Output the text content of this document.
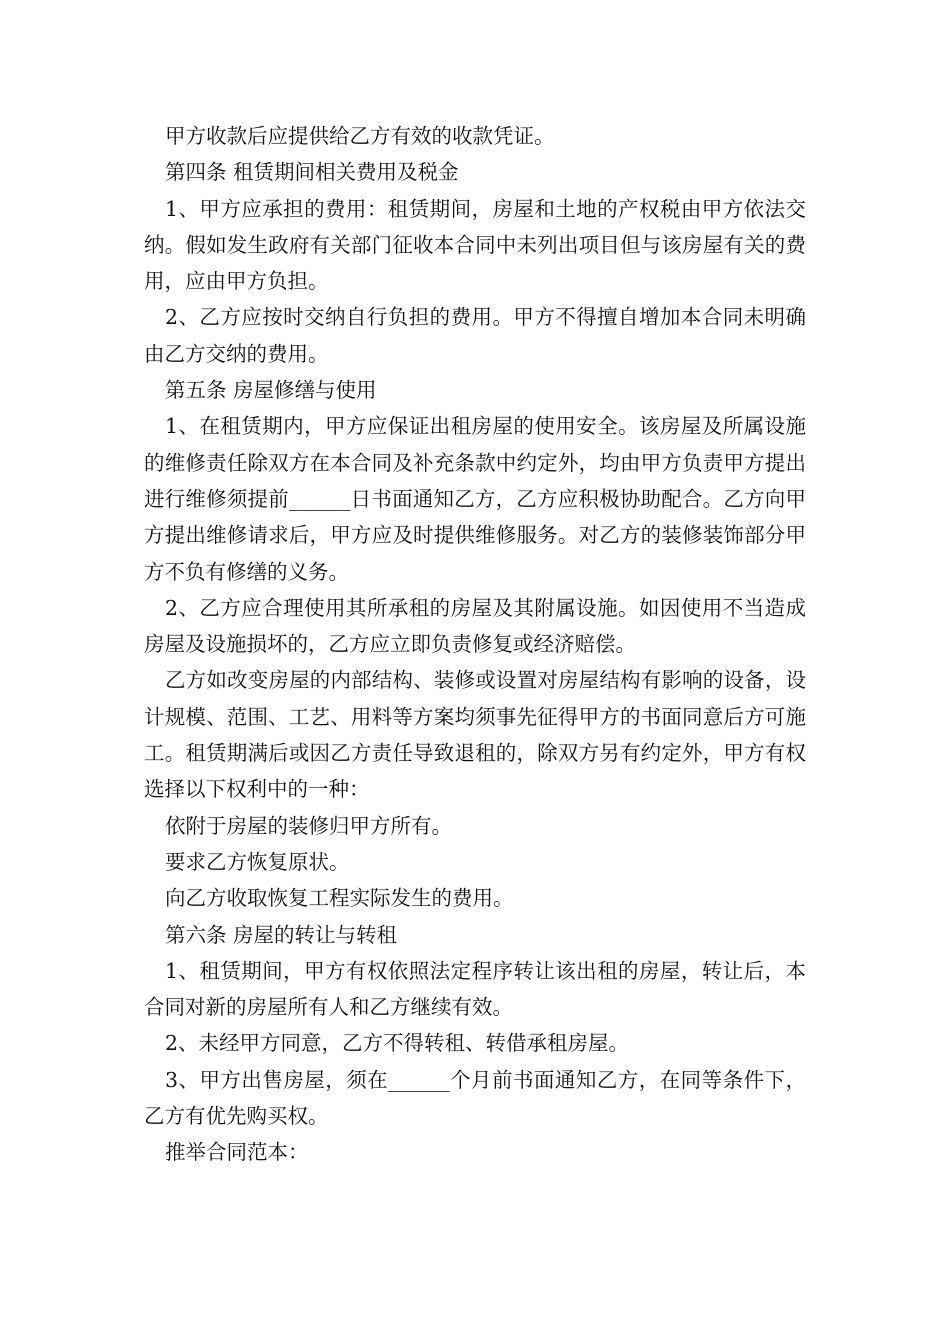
甲方收款后应提供给乙方有效的收款凭证。

第四条 租赁期间相关费用及税金

1、甲方应承担的费用：租赁期间，房屋和土地的产权税由甲方依法交纳。假如发生政府有关部门征收本合同中未列出项目但与该房屋有关的费用，应由甲方负担。

2、乙方应按时交纳自行负担的费用。甲方不得擅自增加本合同未明确由乙方交纳的费用。

第五条 房屋修缮与使用

1、在租赁期内，甲方应保证出租房屋的使用安全。该房屋及所属设施的维修责任除双方在本合同及补充条款中约定外，均由甲方负责甲方提出进行维修须提前______日书面通知乙方，乙方应积极协助配合。乙方向甲方提出维修请求后，甲方应及时提供维修服务。对乙方的装修装饰部分甲方不负有修缮的义务。

2、乙方应合理使用其所承租的房屋及其附属设施。如因使用不当造成房屋及设施损坏的，乙方应立即负责修复或经济赔偿。

乙方如改变房屋的内部结构、装修或设置对房屋结构有影响的设备，设计规模、范围、工艺、用料等方案均须事先征得甲方的书面同意后方可施工。租赁期满后或因乙方责任导致退租的，除双方另有约定外，甲方有权选择以下权利中的一种：

依附于房屋的装修归甲方所有。

要求乙方恢复原状。

向乙方收取恢复工程实际发生的费用。

第六条 房屋的转让与转租

1、租赁期间，甲方有权依照法定程序转让该出租的房屋，转让后，本合同对新的房屋所有人和乙方继续有效。

2、未经甲方同意，乙方不得转租、转借承租房屋。

3、甲方出售房屋，须在______个月前书面通知乙方，在同等条件下，乙方有优先购买权。

推举合同范本：
